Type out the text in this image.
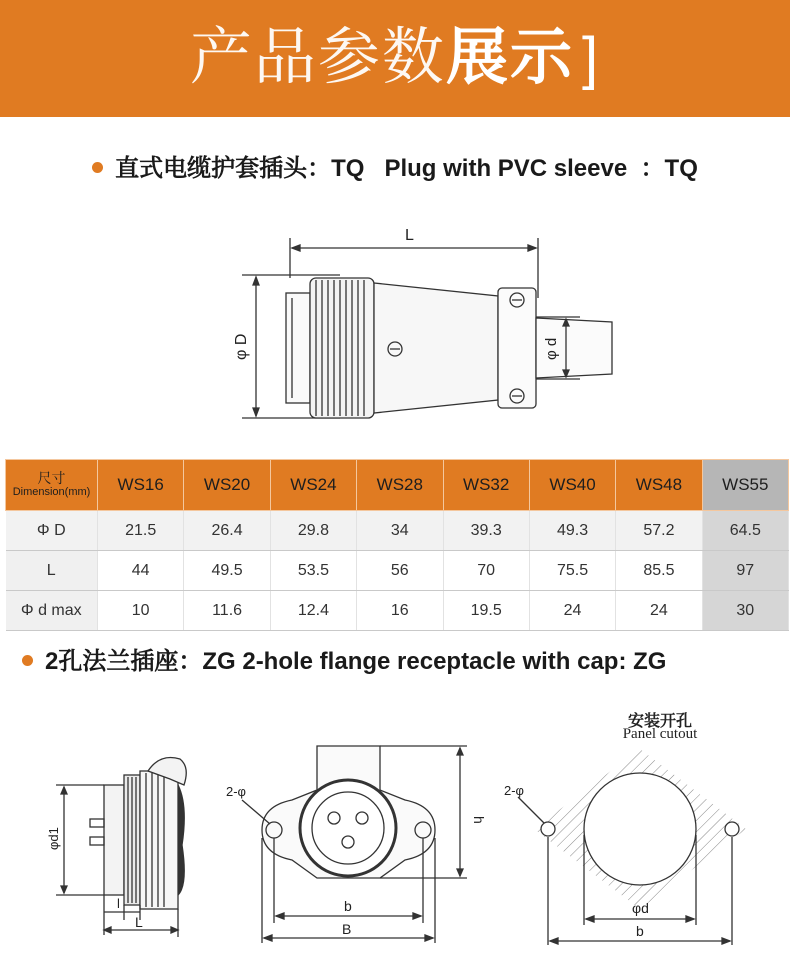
产品参数展示 ]
直式电缆护套插头：TQ   Plug with PVC sleeve  ：TQ
L
φ D	φ d
尺寸
Dimension(mm)	WS16	WS20	WS24	WS28	WS32	WS40	WS48	WS55
Φ D	21.5	26.4	29.8	34	39.3	49.3	57.2	64.5
L	44	49.5	53.5	56	70	75.5	85.5	97
Φ d max	10	11.6	12.4	16	19.5	24	24	30
2孔法兰插座：ZG 2-hole flange receptacle with cap: ZG
φd1
l
L
2-φ
h
b
B
安装开孔
Panel cutout
2-φ
φd
b
